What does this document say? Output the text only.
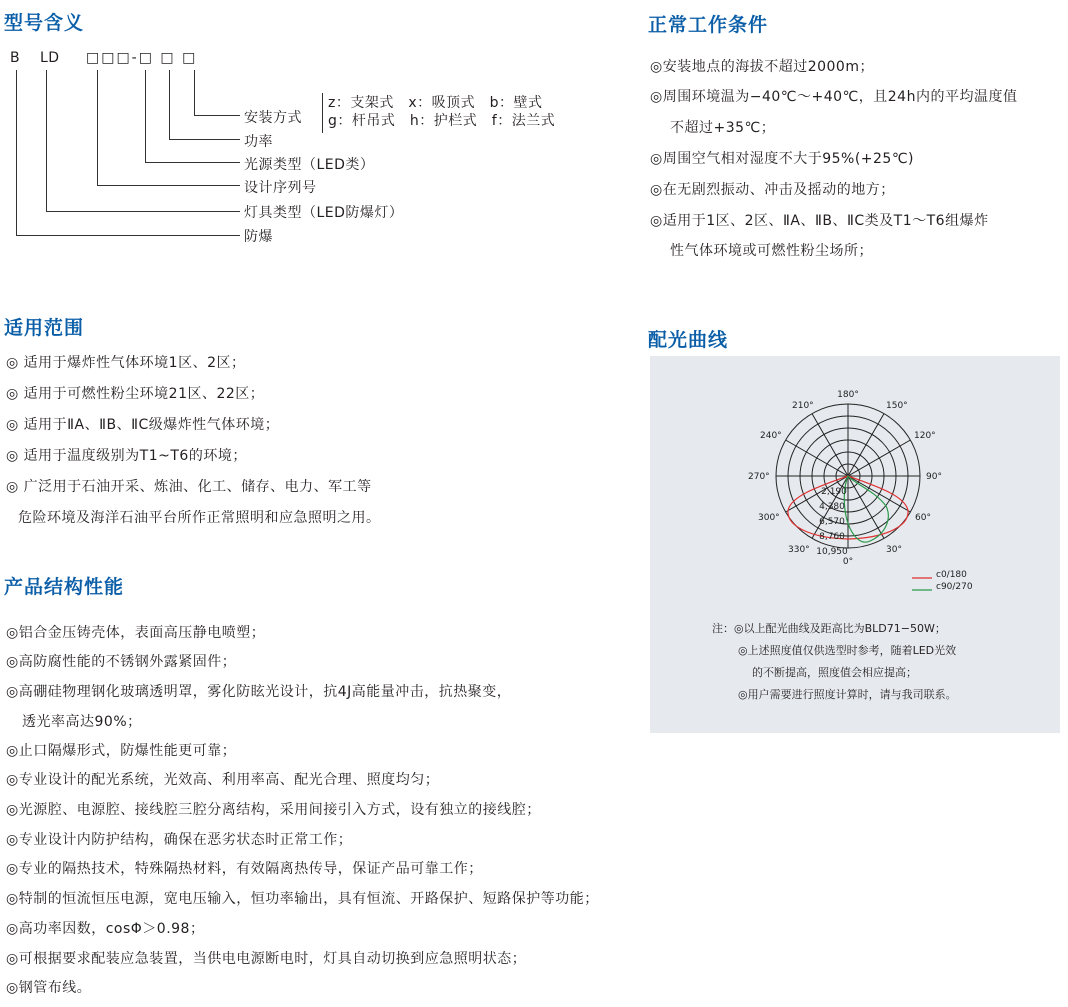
型号含义
B LD □□□-□ □ □
安装方式
z：支架式　x：吸顶式　b：壁式
g：杆吊式　h：护栏式　f：法兰式
功率
光源类型（LED类）
设计序列号
灯具类型（LED防爆灯）
防爆
正常工作条件
◎安装地点的海拔不超过2000m；
◎周围环境温为−40℃～+40℃，且24h内的平均温度值
不超过+35℃；
◎周围空气相对湿度不大于95%(+25℃)
◎在无剧烈振动、冲击及摇动的地方；
◎适用于1区、2区、ⅡA、ⅡB、ⅡC类及T1～T6组爆炸
性气体环境或可燃性粉尘场所；
适用范围
◎ 适用于爆炸性气体环境1区、2区；
◎ 适用于可燃性粉尘环境21区、22区；
◎ 适用于ⅡA、ⅡB、ⅡC级爆炸性气体环境；
◎ 适用于温度级别为T1~T6的环境；
◎ 广泛用于石油开采、炼油、化工、储存、电力、军工等
危险环境及海洋石油平台所作正常照明和应急照明之用。
产品结构性能
◎铝合金压铸壳体，表面高压静电喷塑；
◎高防腐性能的不锈钢外露紧固件；
◎高硼硅物理钢化玻璃透明罩，雾化防眩光设计，抗4J高能量冲击，抗热聚变，
透光率高达90%；
◎止口隔爆形式，防爆性能更可靠；
◎专业设计的配光系统，光效高、利用率高、配光合理、照度均匀；
◎光源腔、电源腔、接线腔三腔分离结构，采用间接引入方式，设有独立的接线腔；
◎专业设计内防护结构，确保在恶劣状态时正常工作；
◎专业的隔热技术，特殊隔热材料，有效隔离热传导，保证产品可靠工作；
◎特制的恒流恒压电源，宽电压输入，恒功率输出，具有恒流、开路保护、短路保护等功能；
◎高功率因数，cosΦ＞0.98；
◎可根据要求配装应急装置，当供电电源断电时，灯具自动切换到应急照明状态；
◎钢管布线。
配光曲线
180°
150°
120°
90°
60°
30°
0°
330°
300°
270°
240°
210°
2,190
4,380
6,570
8,760
10,950
c0/180
c90/270
注：◎以上配光曲线及距高比为BLD71−50W；
◎上述照度值仅供选型时参考，随着LED光效
的不断提高，照度值会相应提高；
◎用户需要进行照度计算时，请与我司联系。
